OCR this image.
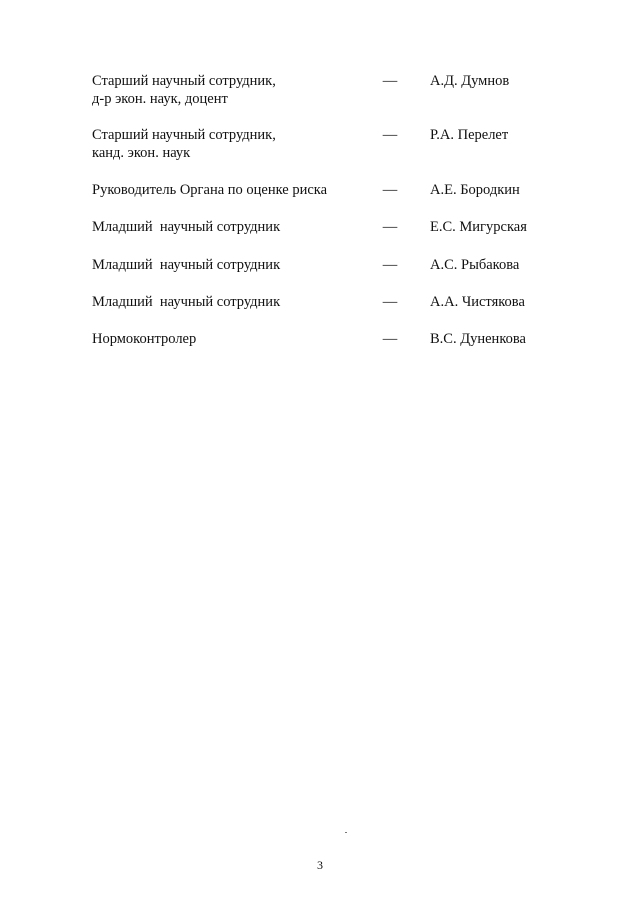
Старший научный сотрудник,
д-р экон. наук, доцент
— А.Д. Думнов
Старший научный сотрудник,
канд. экон. наук
— Р.А. Перелет
Руководитель Органа по оценке риска	— А.Е. Бородкин
Младший  научный сотрудник	— Е.С. Мигурская
Младший  научный сотрудник	— А.С. Рыбакова
Младший  научный сотрудник	— А.А. Чистякова
Нормоконтролер	— В.С. Дуненкова
3
